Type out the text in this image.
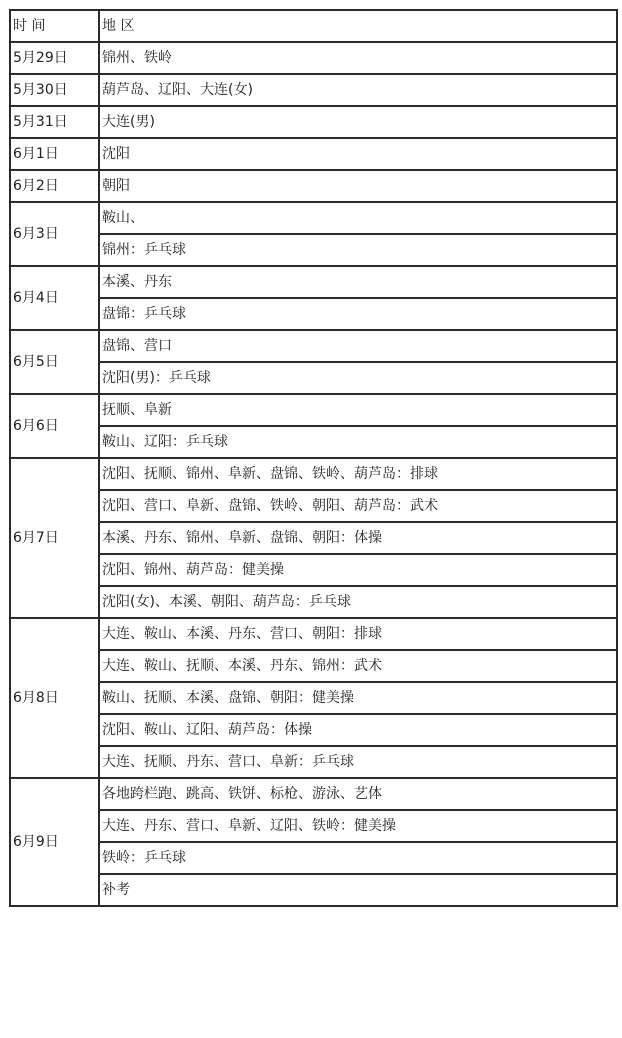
时 间	地 区
5月29日	锦州、铁岭
5月30日	葫芦岛、辽阳、大连(女)
5月31日	大连(男)
6月1日	沈阳
6月2日	朝阳
6月3日	鞍山、
	锦州：乒乓球
6月4日	本溪、丹东
	盘锦：乒乓球
6月5日	盘锦、营口
	沈阳(男)：乒乓球
6月6日	抚顺、阜新
	鞍山、辽阳：乒乓球
6月7日	沈阳、抚顺、锦州、阜新、盘锦、铁岭、葫芦岛：排球
	沈阳、营口、阜新、盘锦、铁岭、朝阳、葫芦岛：武术
	本溪、丹东、锦州、阜新、盘锦、朝阳：体操
	沈阳、锦州、葫芦岛：健美操
	沈阳(女)、本溪、朝阳、葫芦岛：乒乓球
6月8日	大连、鞍山、本溪、丹东、营口、朝阳：排球
	大连、鞍山、抚顺、本溪、丹东、锦州：武术
	鞍山、抚顺、本溪、盘锦、朝阳：健美操
	沈阳、鞍山、辽阳、葫芦岛：体操
	大连、抚顺、丹东、营口、阜新：乒乓球
6月9日	各地跨栏跑、跳高、铁饼、标枪、游泳、艺体
	大连、丹东、营口、阜新、辽阳、铁岭：健美操
	铁岭：乒乓球
	补考
